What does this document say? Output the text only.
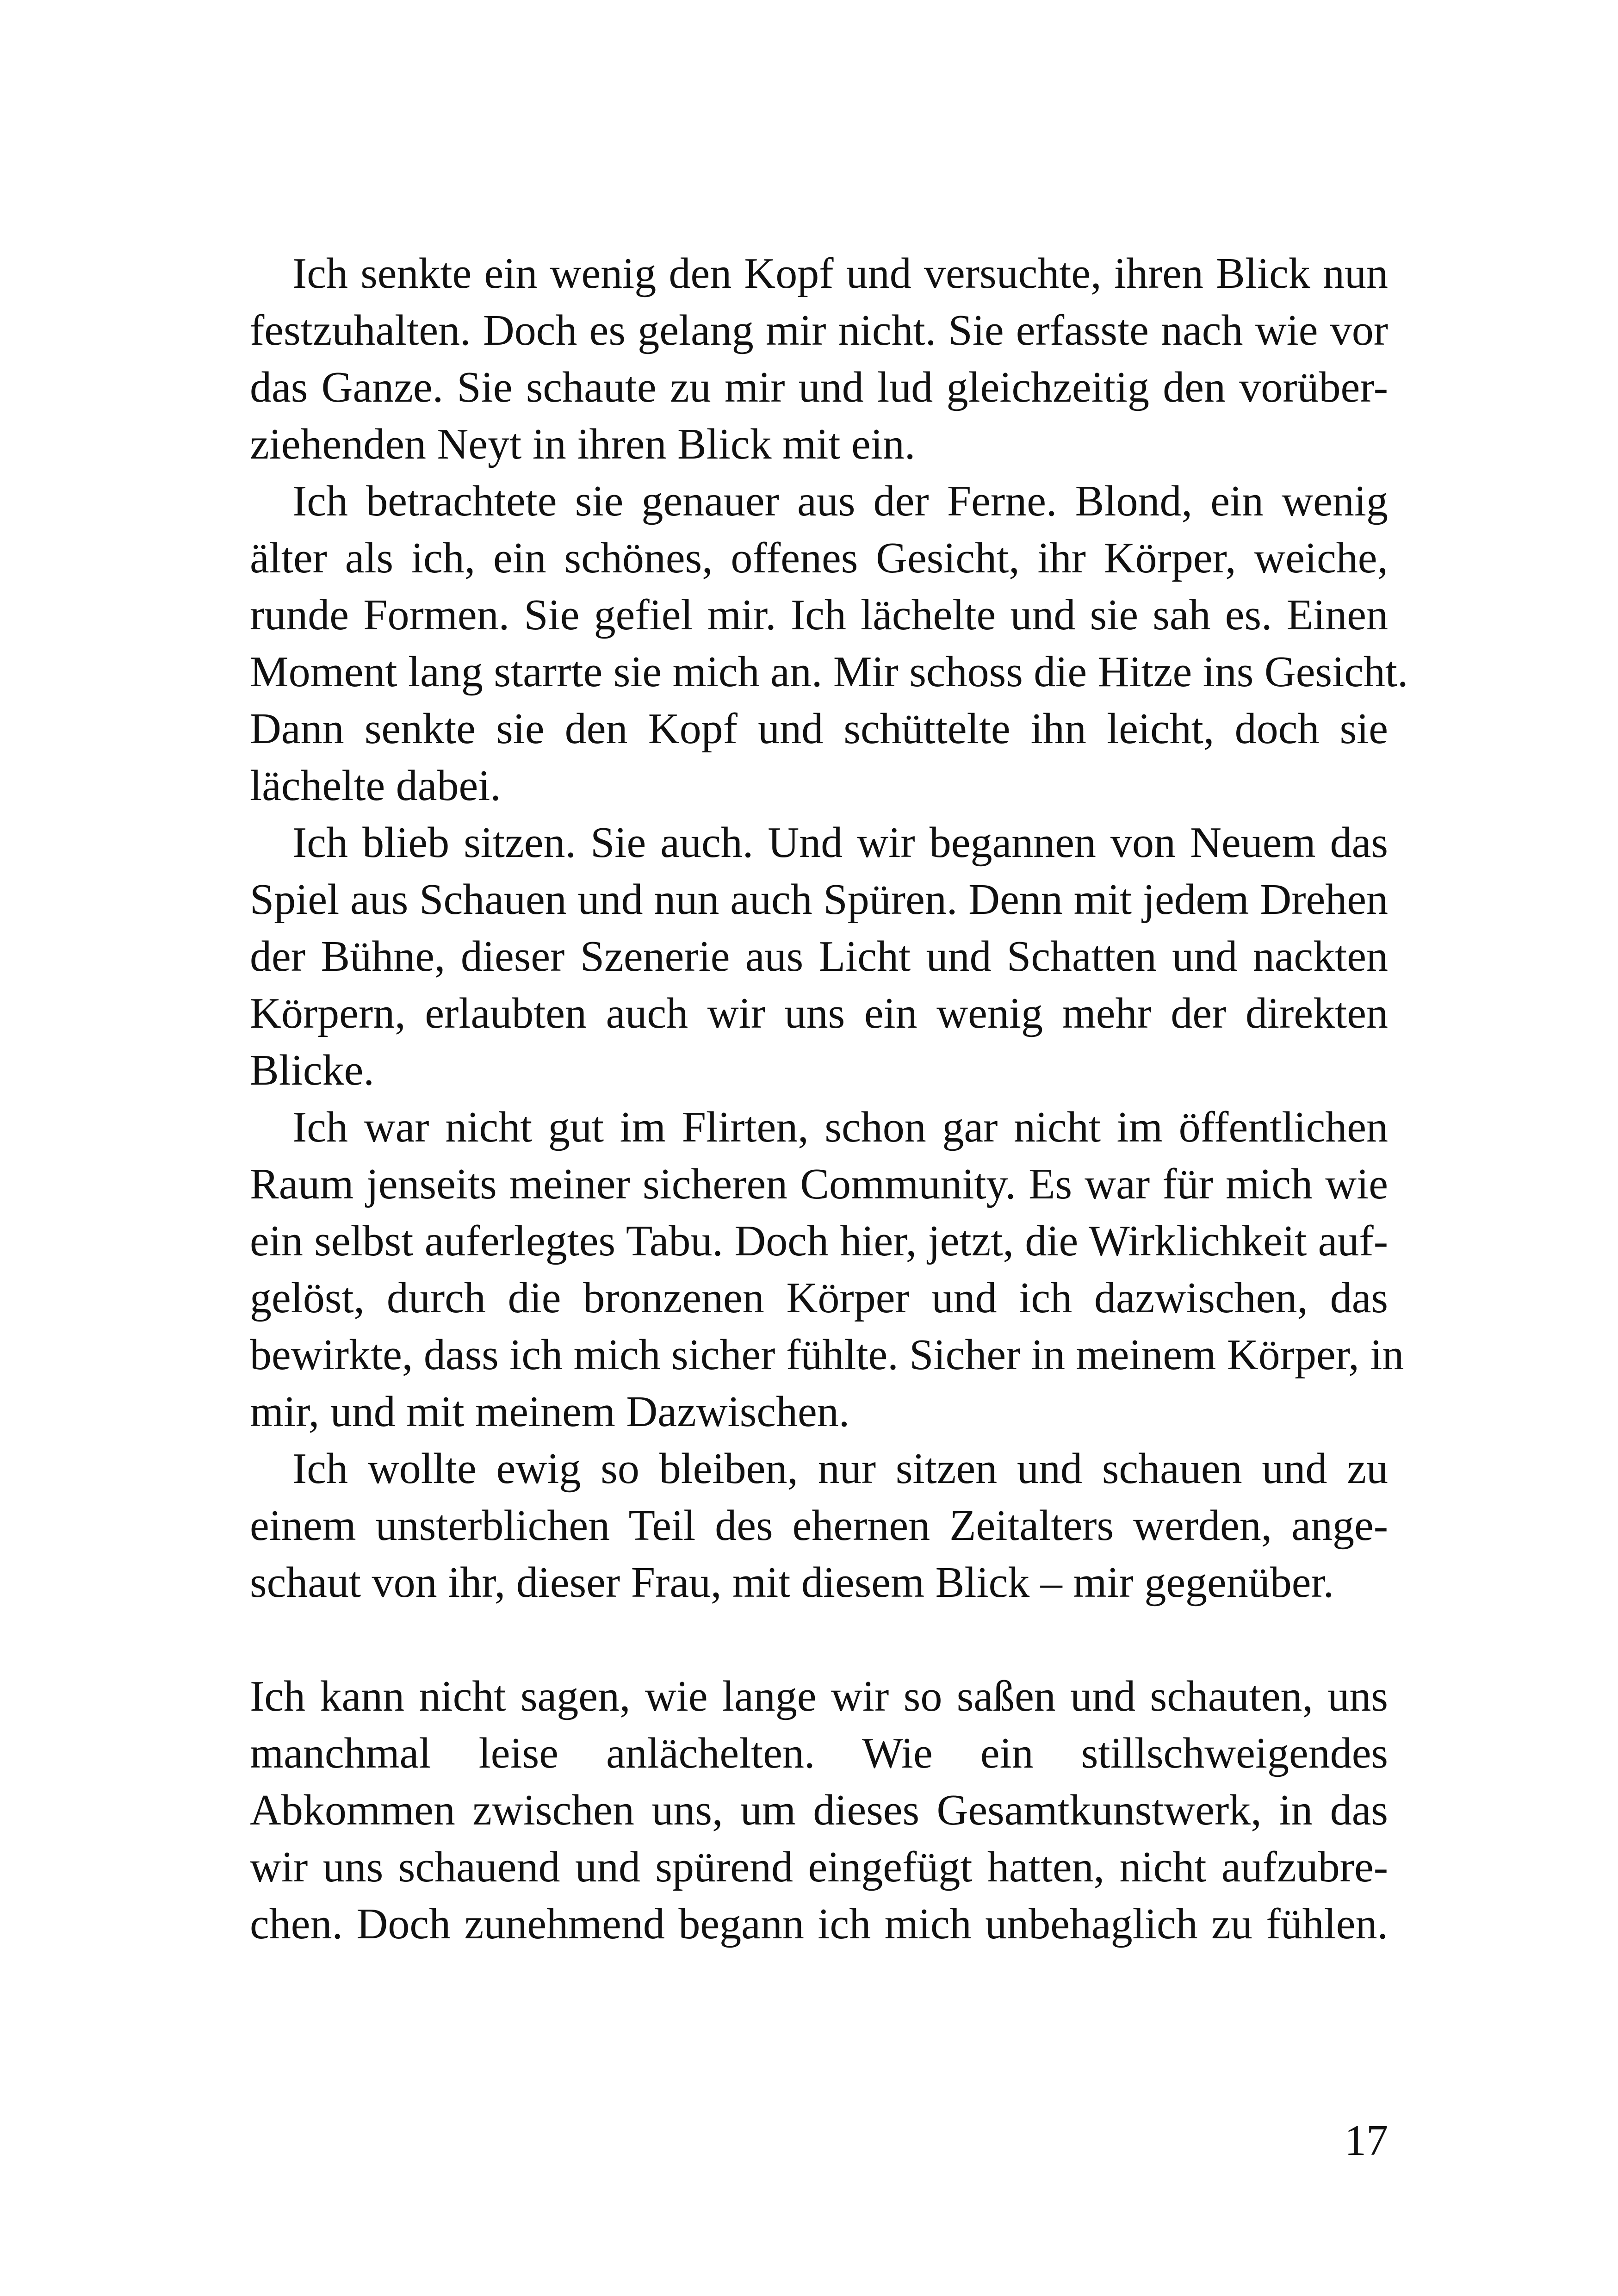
Ich senkte ein wenig den Kopf und versuchte, ihren Blick nun
festzuhalten. Doch es gelang mir nicht. Sie erfasste nach wie vor
das Ganze. Sie schaute zu mir und lud gleichzeitig den vorüber-
ziehenden Neyt in ihren Blick mit ein.
Ich betrachtete sie genauer aus der Ferne. Blond, ein wenig
älter als ich, ein schönes, offenes Gesicht, ihr Körper, weiche,
runde Formen. Sie gefiel mir. Ich lächelte und sie sah es. Einen
Moment lang starrte sie mich an. Mir schoss die Hitze ins Gesicht.
Dann senkte sie den Kopf und schüttelte ihn leicht, doch sie
lächelte dabei.
Ich blieb sitzen. Sie auch. Und wir begannen von Neuem das
Spiel aus Schauen und nun auch Spüren. Denn mit jedem Drehen
der Bühne, dieser Szenerie aus Licht und Schatten und nackten
Körpern, erlaubten auch wir uns ein wenig mehr der direkten
Blicke.
Ich war nicht gut im Flirten, schon gar nicht im öffentlichen
Raum jenseits meiner sicheren Community. Es war für mich wie
ein selbst auferlegtes Tabu. Doch hier, jetzt, die Wirklichkeit auf-
gelöst, durch die bronzenen Körper und ich dazwischen, das
bewirkte, dass ich mich sicher fühlte. Sicher in meinem Körper, in
mir, und mit meinem Dazwischen.
Ich wollte ewig so bleiben, nur sitzen und schauen und zu
einem unsterblichen Teil des ehernen Zeitalters werden, ange-
schaut von ihr, dieser Frau, mit diesem Blick – mir gegenüber.
Ich kann nicht sagen, wie lange wir so saßen und schauten, uns
manchmal leise anlächelten. Wie ein stillschweigendes
Abkommen zwischen uns, um dieses Gesamtkunstwerk, in das
wir uns schauend und spürend eingefügt hatten, nicht aufzubre-
chen. Doch zunehmend begann ich mich unbehaglich zu fühlen.
17
